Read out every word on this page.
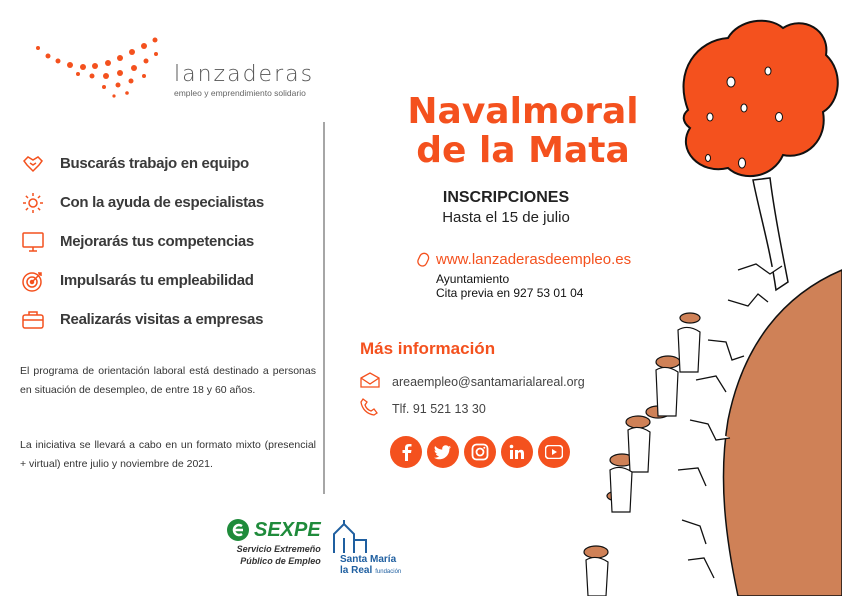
lanzaderas
empleo y emprendimiento solidario
Buscarás trabajo en equipo
Con la ayuda de especialistas
Mejorarás tus competencias
Impulsarás tu empleabilidad
Realizarás visitas a empresas

El programa de orientación laboral está destinado a personas en situación de desempleo, de entre 18 y 60 años.

La iniciativa se llevará a cabo en un formato mixto (presencial + virtual) entre julio y noviembre de 2021.

SEXPE
Servicio Extremeño
Público de Empleo Santa María
la Real fundación
Navalmoral
de la Mata
INSCRIPCIONES
Hasta el 15 de julio
www.lanzaderasdeempleo.es
Ayuntamiento
Cita previa en 927 53 01 04
Más información
areaempleo@santamarialareal.org
Tlf. 91 521 13 30
